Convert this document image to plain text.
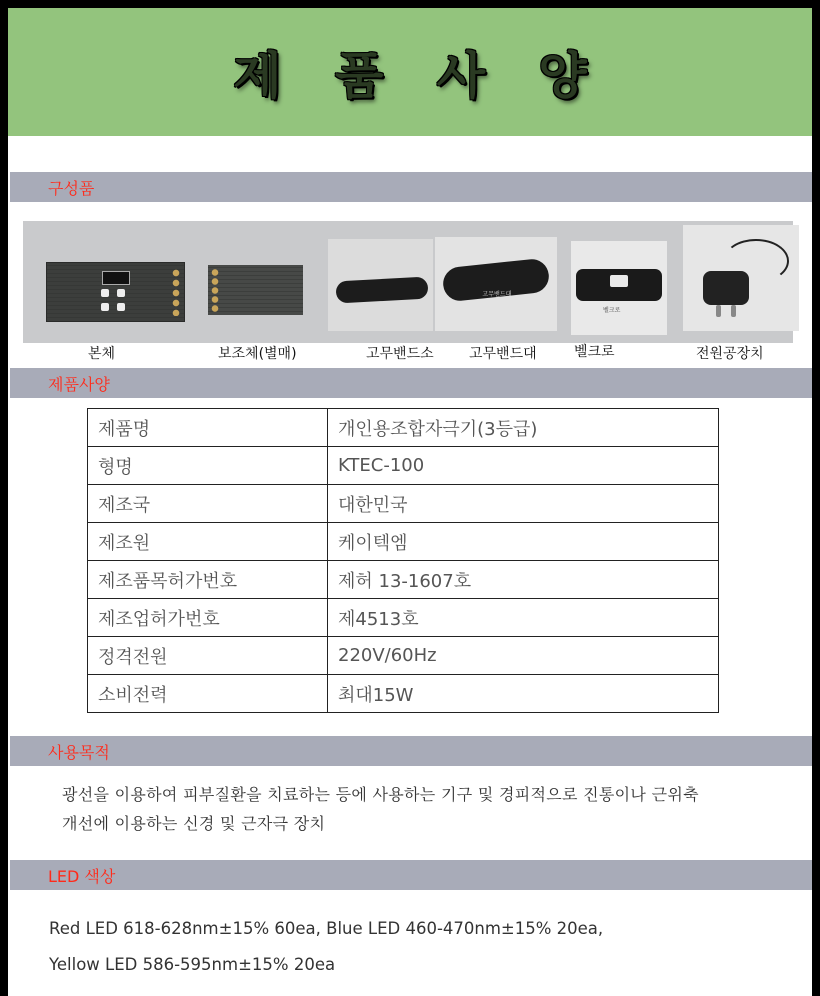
제 품 사 양
구성품
고무밴드대
벨크로
본체	보조체(별매)	고무밴드소	고무밴드대	벨크로	전원공장치
제품사양
제품명	개인용조합자극기(3등급)
형명	KTEC-100
제조국	대한민국
제조원	케이텍엠
제조품목허가번호	제허 13-1607호
제조업허가번호	제4513호
정격전원	220V/60Hz
소비전력	최대15W
사용목적
광선을 이용하여 피부질환을 치료하는 등에 사용하는 기구 및 경피적으로 진통이나 근위축
개선에 이용하는 신경 및 근자극 장치
LED 색상
Red LED 618-628nm±15% 60ea, Blue LED 460-470nm±15% 20ea,
Yellow LED 586-595nm±15% 20ea
